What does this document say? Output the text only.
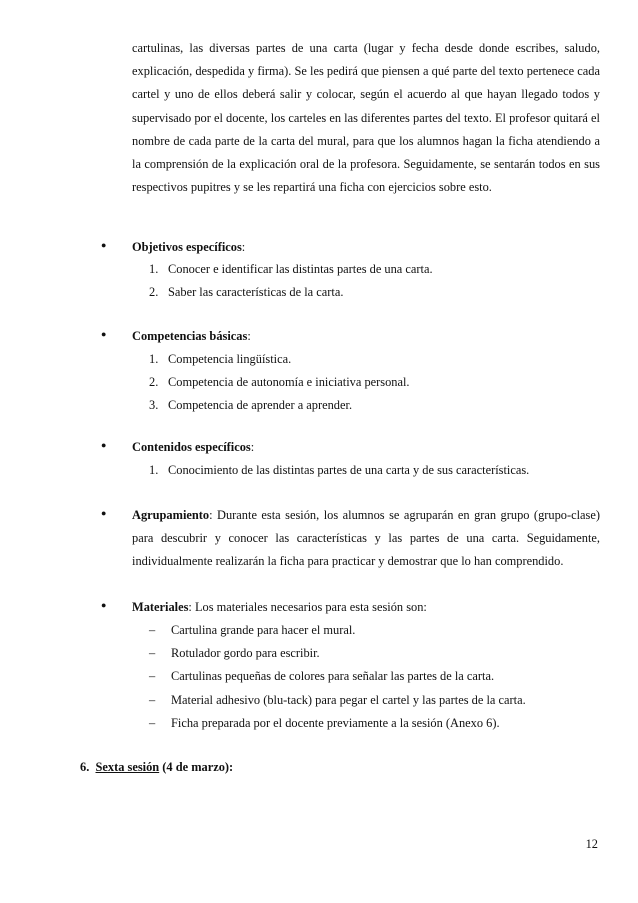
cartulinas, las diversas partes de una carta (lugar y fecha desde donde escribes, saludo, explicación, despedida y firma). Se les pedirá que piensen a qué parte del texto pertenece cada cartel y uno de ellos deberá salir y colocar, según el acuerdo al que hayan llegado todos y supervisado por el docente, los carteles en las diferentes partes del texto. El profesor quitará el nombre de cada parte de la carta del mural, para que los alumnos hagan la ficha atendiendo a la comprensión de la explicación oral de la profesora. Seguidamente, se sentarán todos en sus respectivos pupitres y se les repartirá una ficha con ejercicios sobre esto.

●

Objetivos específicos:

1. Conocer e identificar las distintas partes de una carta.
2. Saber las características de la carta.
●

Competencias básicas:

1. Competencia lingüística.
2. Competencia de autonomía e iniciativa personal.
3. Competencia de aprender a aprender.
●

Contenidos específicos:

1. Conocimiento de las distintas partes de una carta y de sus características.
●

Agrupamiento: Durante esta sesión, los alumnos se agruparán en gran grupo (grupo-clase) para descubrir y conocer las características y las partes de una carta. Seguidamente, individualmente realizarán la ficha para practicar y demostrar que lo han comprendido.

●

Materiales: Los materiales necesarios para esta sesión son:

– Cartulina grande para hacer el mural.
– Rotulador gordo para escribir.
– Cartulinas pequeñas de colores para señalar las partes de la carta.
– Material adhesivo (blu-tack) para pegar el cartel y las partes de la carta.
– Ficha preparada por el docente previamente a la sesión (Anexo 6).
6. Sexta sesión (4 de marzo):
12
